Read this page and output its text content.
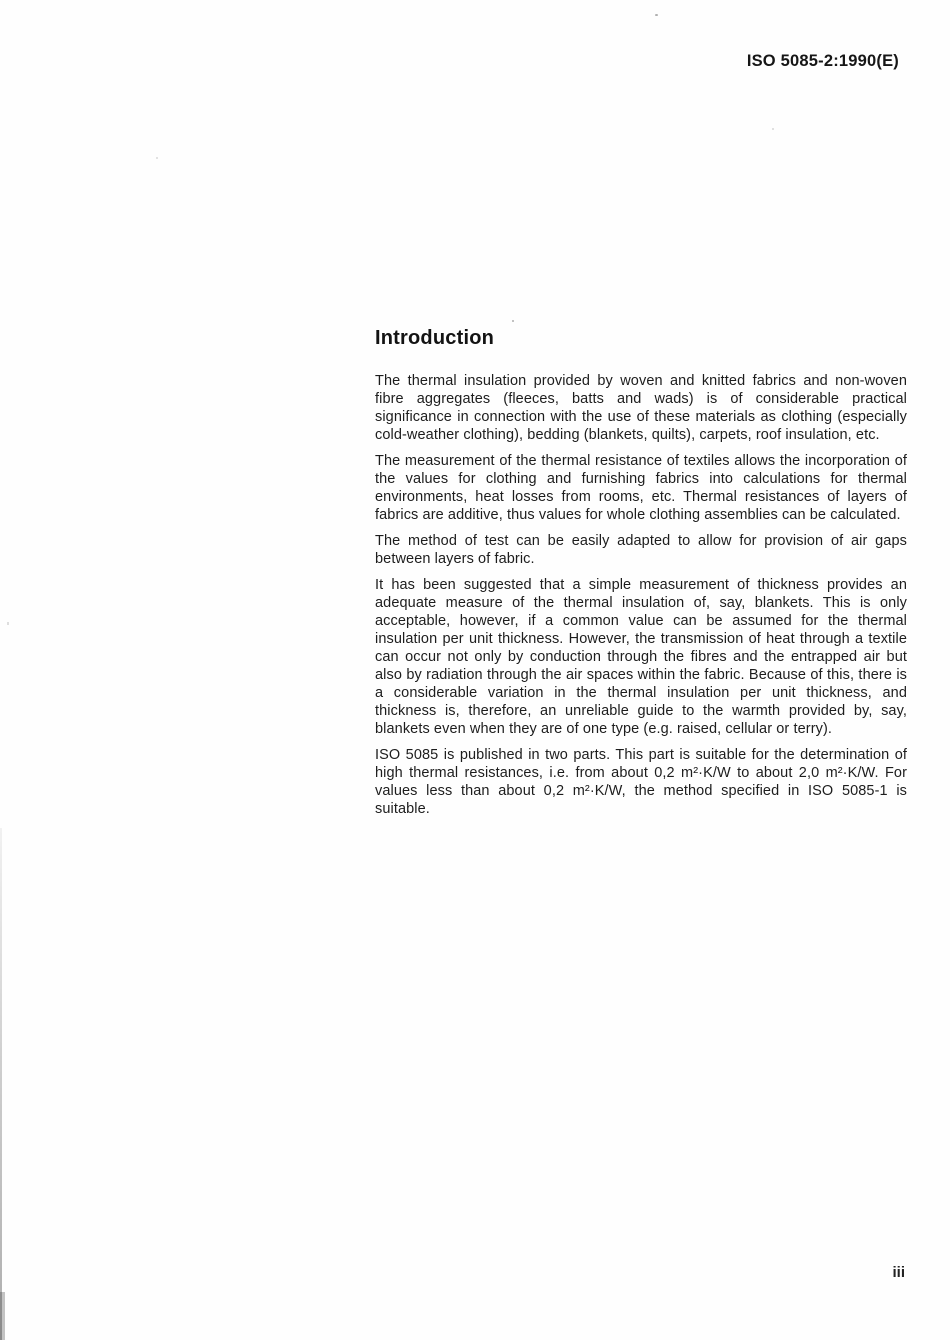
ISO 5085-2:1990(E)
Introduction

The thermal insulation provided by woven and knitted fabrics and non-woven fibre aggregates (fleeces, batts and wads) is of considerable practical significance in connection with the use of these materials as clothing (especially cold-weather clothing), bedding (blankets, quilts), carpets, roof insulation, etc.

The measurement of the thermal resistance of textiles allows the incorporation of the values for clothing and furnishing fabrics into calculations for thermal environments, heat losses from rooms, etc. Thermal resistances of layers of fabrics are additive, thus values for whole clothing assemblies can be calculated.

The method of test can be easily adapted to allow for provision of air gaps between layers of fabric.

It has been suggested that a simple measurement of thickness provides an adequate measure of the thermal insulation of, say, blankets. This is only acceptable, however, if a common value can be assumed for the thermal insulation per unit thickness. However, the transmission of heat through a textile can occur not only by conduction through the fibres and the entrapped air but also by radiation through the air spaces within the fabric. Because of this, there is a considerable variation in the thermal insulation per unit thickness, and thickness is, therefore, an unreliable guide to the warmth provided by, say, blankets even when they are of one type (e.g. raised, cellular or terry).

ISO 5085 is published in two parts. This part is suitable for the determination of high thermal resistances, i.e. from about 0,2 m²·K/W to about 2,0 m²·K/W. For values less than about 0,2 m²·K/W, the method specified in ISO 5085-1 is suitable.

iii
